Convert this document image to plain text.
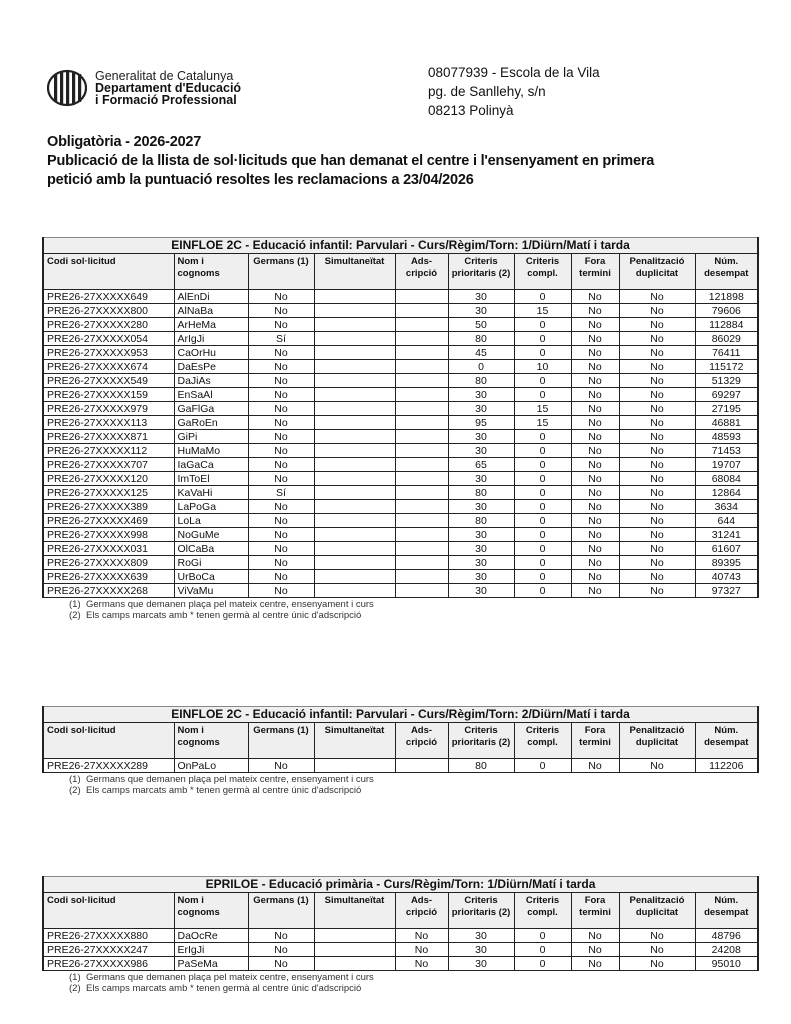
Generalitat de Catalunya
Departament d'Educació
i Formació Professional
08077939 - Escola de la Vila
pg. de Sanllehy, s/n
08213 Polinyà
Obligatòria - 2026-2027
Publicació de la llista de sol·licituds que han demanat el centre i l'ensenyament en primera
petició amb la puntuació resoltes les reclamacions a 23/04/2026
EINFLOE 2C - Educació infantil: Parvulari - Curs/Règim/Torn: 1/Diürn/Matí i tarda									
Codi sol·licitud	Nom i cognoms	Germans (1)	Simultaneïtat	Ads-cripció	Criteris prioritaris (2)	Criteris compl.	Fora termini	Penalització duplicitat	Núm. desempat
PRE26-27XXXXX649	AlEnDi	No			30	0	No	No	121898
PRE26-27XXXXX800	AlNaBa	No			30	15	No	No	79606
PRE26-27XXXXX280	ArHeMa	No			50	0	No	No	112884
PRE26-27XXXXX054	ArIgJi	Sí			80	0	No	No	86029
PRE26-27XXXXX953	CaOrHu	No			45	0	No	No	76411
PRE26-27XXXXX674	DaEsPe	No			0	10	No	No	115172
PRE26-27XXXXX549	DaJiAs	No			80	0	No	No	51329
PRE26-27XXXXX159	EnSaAl	No			30	0	No	No	69297
PRE26-27XXXXX979	GaFlGa	No			30	15	No	No	27195
PRE26-27XXXXX113	GaRoEn	No			95	15	No	No	46881
PRE26-27XXXXX871	GiPi	No			30	0	No	No	48593
PRE26-27XXXXX112	HuMaMo	No			30	0	No	No	71453
PRE26-27XXXXX707	IaGaCa	No			65	0	No	No	19707
PRE26-27XXXXX120	ImToEl	No			30	0	No	No	68084
PRE26-27XXXXX125	KaVaHi	Sí			80	0	No	No	12864
PRE26-27XXXXX389	LaPoGa	No			30	0	No	No	3634
PRE26-27XXXXX469	LoLa	No			80	0	No	No	644
PRE26-27XXXXX998	NoGuMe	No			30	0	No	No	31241
PRE26-27XXXXX031	OlCaBa	No			30	0	No	No	61607
PRE26-27XXXXX809	RoGi	No			30	0	No	No	89395
PRE26-27XXXXX639	UrBoCa	No			30	0	No	No	40743
PRE26-27XXXXX268	ViVaMu	No			30	0	No	No	97327
(1) Germans que demanen plaça pel mateix centre, ensenyament i curs
(2) Els camps marcats amb * tenen germà al centre únic d'adscripció
EINFLOE 2C - Educació infantil: Parvulari - Curs/Règim/Torn: 2/Diürn/Matí i tarda									
Codi sol·licitud	Nom i cognoms	Germans (1)	Simultaneïtat	Ads-cripció	Criteris prioritaris (2)	Criteris compl.	Fora termini	Penalització duplicitat	Núm. desempat
PRE26-27XXXXX289	OnPaLo	No			80	0	No	No	112206
(1) Germans que demanen plaça pel mateix centre, ensenyament i curs
(2) Els camps marcats amb * tenen germà al centre únic d'adscripció
EPRILOE - Educació primària - Curs/Règim/Torn: 1/Diürn/Matí i tarda									
Codi sol·licitud	Nom i cognoms	Germans (1)	Simultaneïtat	Ads-cripció	Criteris prioritaris (2)	Criteris compl.	Fora termini	Penalització duplicitat	Núm. desempat
PRE26-27XXXXX880	DaOcRe	No		No	30	0	No	No	48796
PRE26-27XXXXX247	ErIgJi	No		No	30	0	No	No	24208
PRE26-27XXXXX986	PaSeMa	No		No	30	0	No	No	95010
(1) Germans que demanen plaça pel mateix centre, ensenyament i curs
(2) Els camps marcats amb * tenen germà al centre únic d'adscripció
